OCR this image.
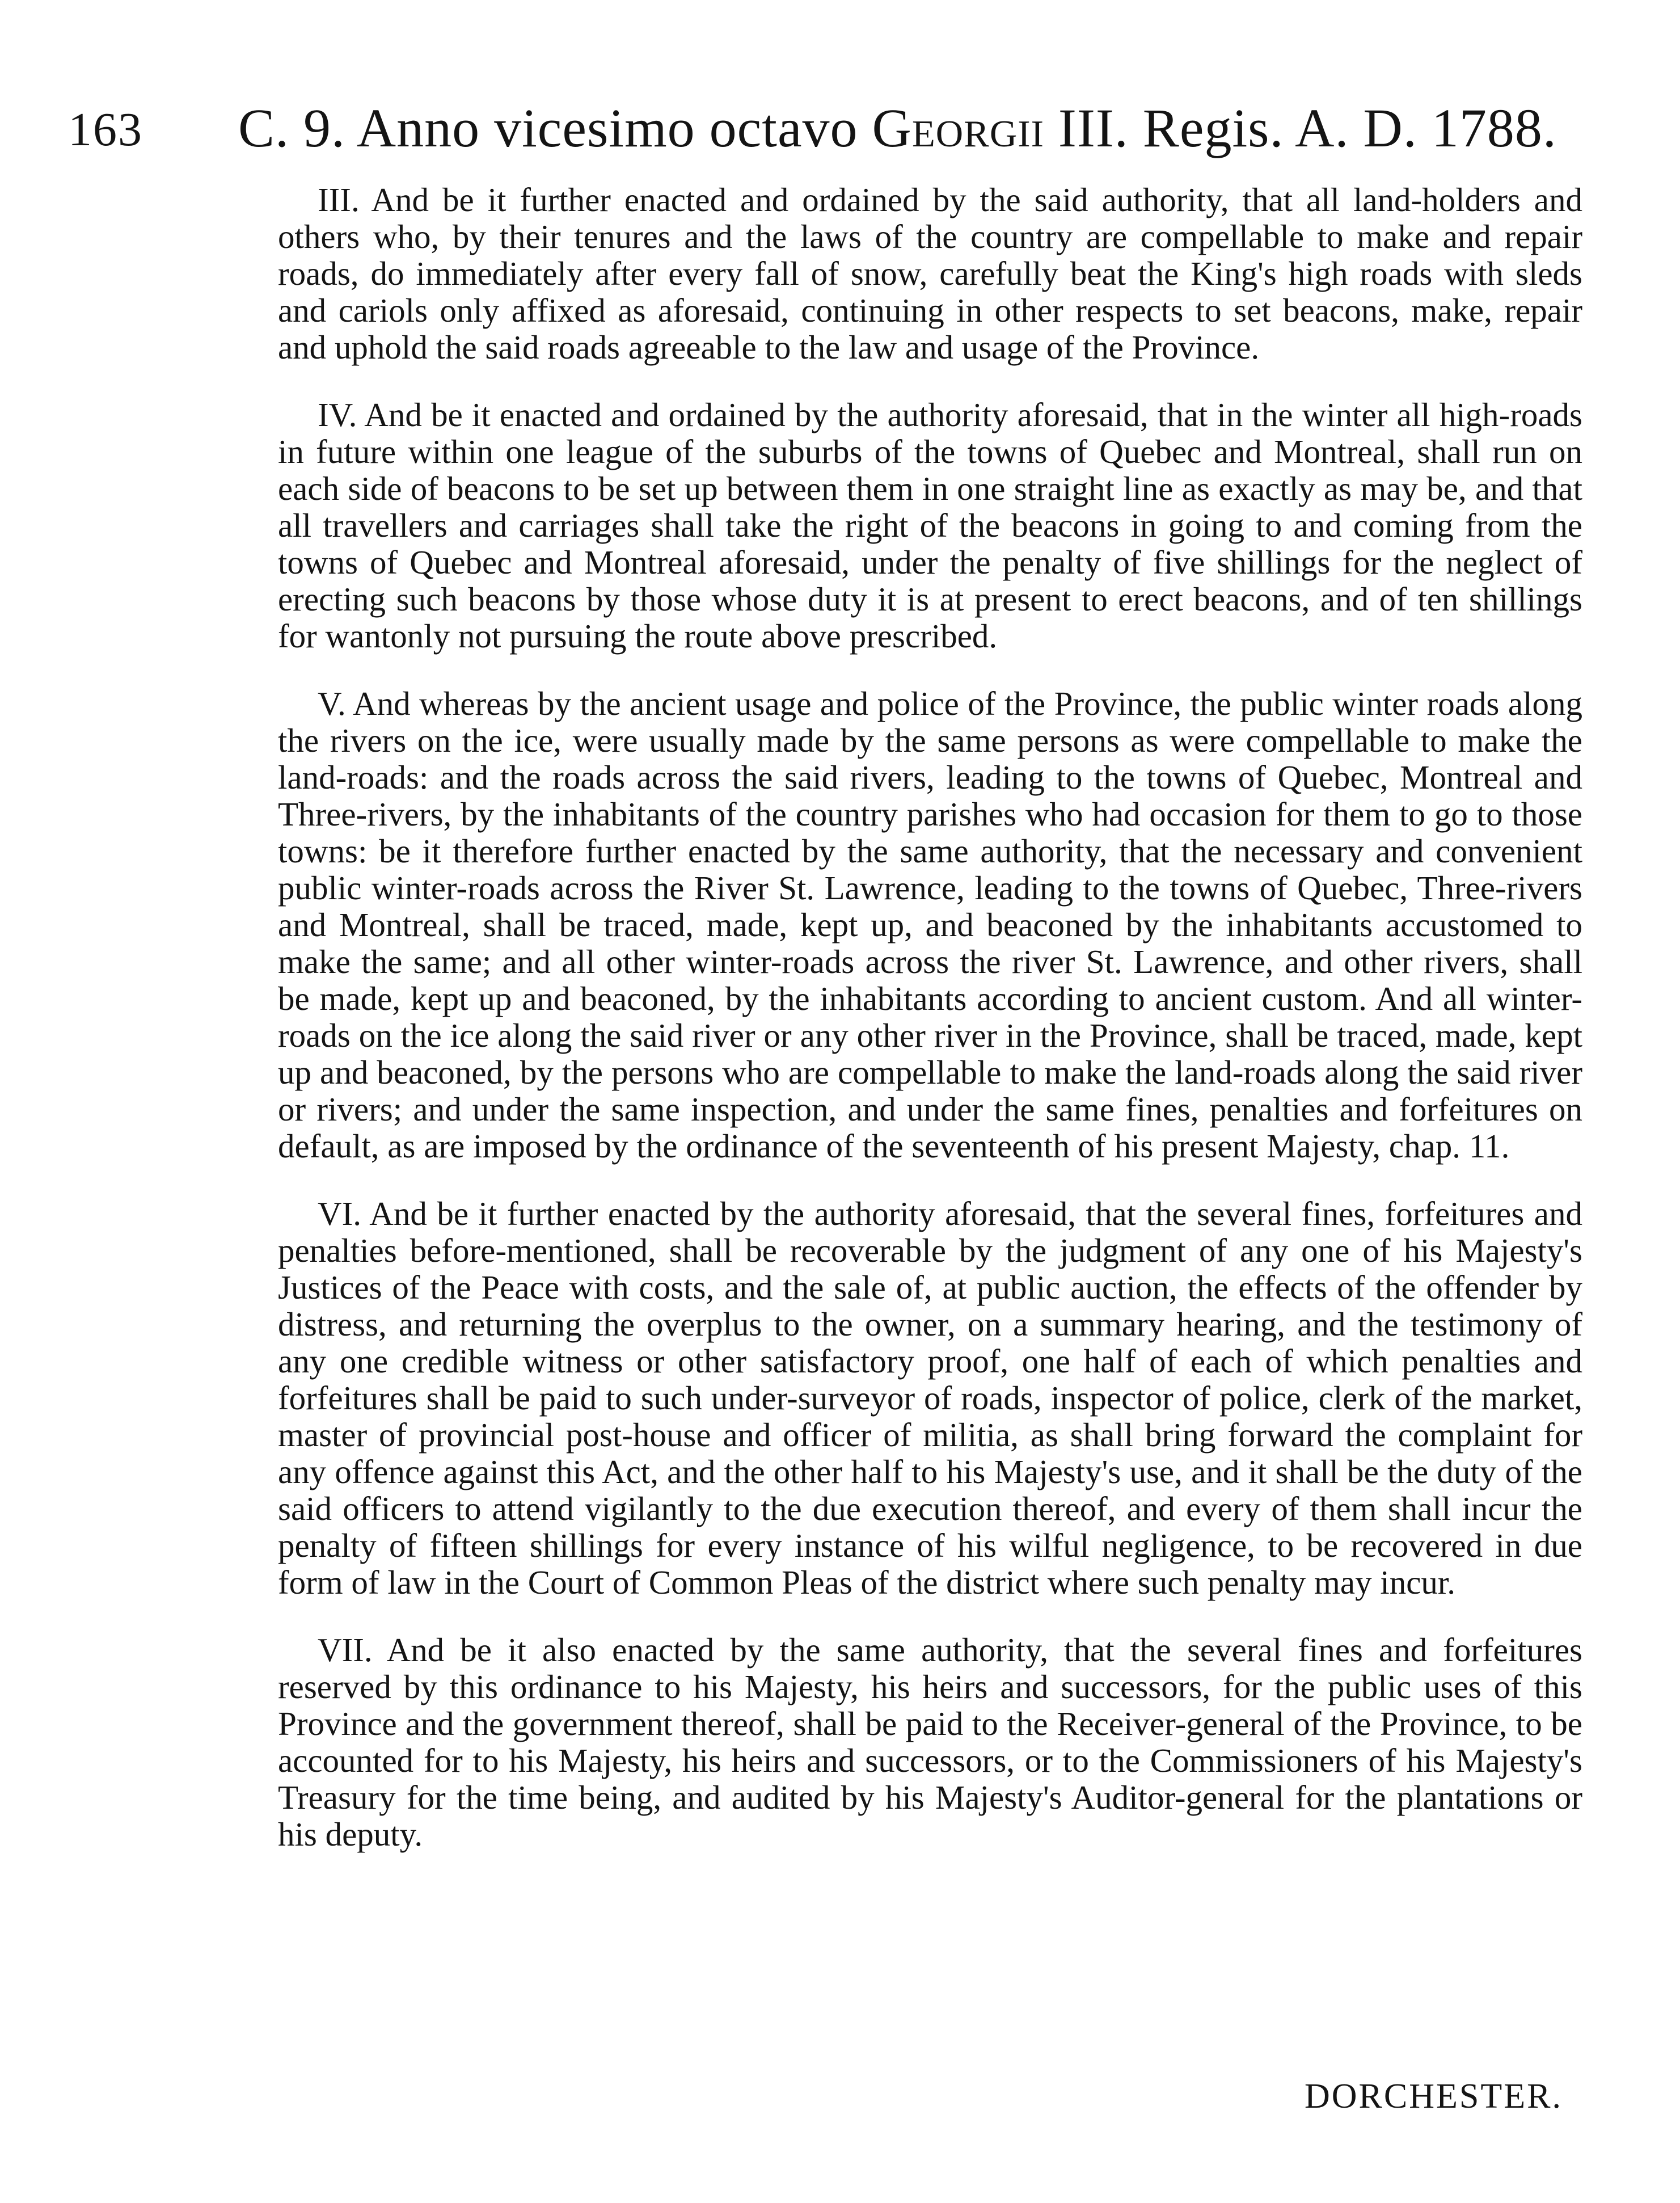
163 C. 9. Anno vicesimo octavo Georgii III. Regis. A. D. 1788.

III. And be it further enacted and ordained by the said authority, that all land-holders and others who, by their tenures and the laws of the country are compellable to make and repair roads, do immediately after every fall of snow, carefully beat the King's high roads with sleds and cariols only affixed as aforesaid, continuing in other respects to set beacons, make, repair and uphold the said roads agreeable to the law and usage of the Province.

IV. And be it enacted and ordained by the authority aforesaid, that in the winter all high-roads in future within one league of the suburbs of the towns of Quebec and Montreal, shall run on each side of beacons to be set up between them in one straight line as exactly as may be, and that all travellers and carriages shall take the right of the beacons in going to and coming from the towns of Quebec and Montreal aforesaid, under the penalty of five shillings for the neglect of erecting such beacons by those whose duty it is at present to erect beacons, and of ten shillings for wantonly not pursuing the route above prescribed.

V. And whereas by the ancient usage and police of the Province, the public winter roads along the rivers on the ice, were usually made by the same persons as were compellable to make the land-roads: and the roads across the said rivers, leading to the towns of Quebec, Montreal and Three-rivers, by the inhabitants of the country parishes who had occasion for them to go to those towns: be it therefore further enacted by the same authority, that the necessary and convenient public winter-roads across the River St. Lawrence, leading to the towns of Quebec, Three-rivers and Montreal, shall be traced, made, kept up, and beaconed by the inhabitants accustomed to make the same; and all other winter-roads across the river St. Lawrence, and other rivers, shall be made, kept up and beaconed, by the inhabitants according to ancient custom. And all winter-roads on the ice along the said river or any other river in the Province, shall be traced, made, kept up and beaconed, by the persons who are compellable to make the land-roads along the said river or rivers; and under the same inspection, and under the same fines, penalties and forfeitures on default, as are imposed by the ordinance of the seventeenth of his present Majesty, chap. 11.

VI. And be it further enacted by the authority aforesaid, that the several fines, forfeitures and penalties before-mentioned, shall be recoverable by the judgment of any one of his Majesty's Justices of the Peace with costs, and the sale of, at public auction, the effects of the offender by distress, and returning the overplus to the owner, on a summary hearing, and the testimony of any one credible witness or other satisfactory proof, one half of each of which penalties and forfeitures shall be paid to such under-surveyor of roads, inspector of police, clerk of the market, master of provincial post-house and officer of militia, as shall bring forward the complaint for any offence against this Act, and the other half to his Majesty's use, and it shall be the duty of the said officers to attend vigilantly to the due execution thereof, and every of them shall incur the penalty of fifteen shillings for every instance of his wilful negligence, to be recovered in due form of law in the Court of Common Pleas of the district where such penalty may incur.

VII. And be it also enacted by the same authority, that the several fines and forfeitures reserved by this ordinance to his Majesty, his heirs and successors, for the public uses of this Province and the government thereof, shall be paid to the Receiver-general of the Province, to be accounted for to his Majesty, his heirs and successors, or to the Commissioners of his Majesty's Treasury for the time being, and audited by his Majesty's Auditor-general for the plantations or his deputy.

DORCHESTER.
